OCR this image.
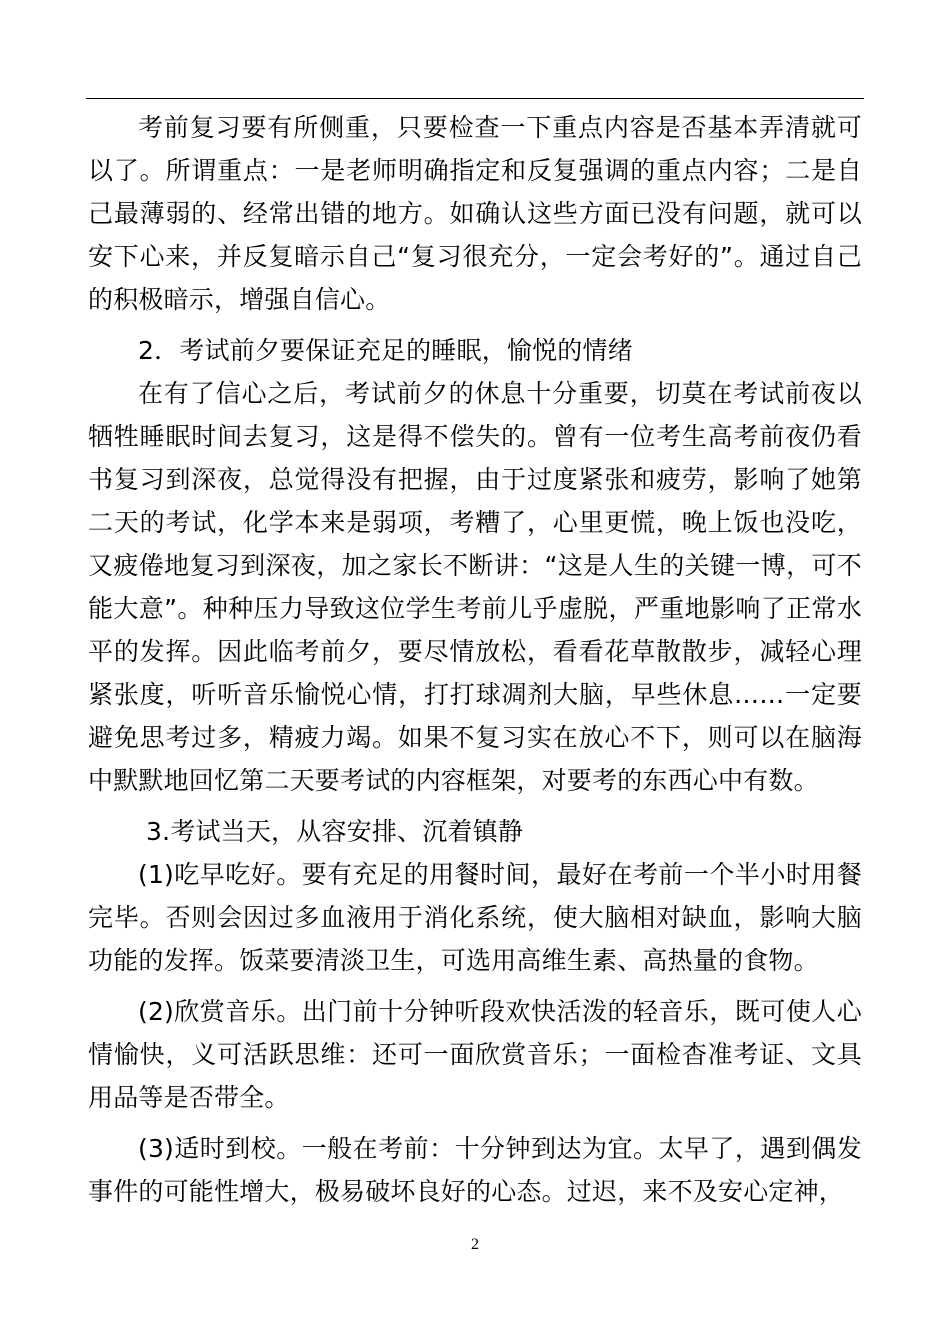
考前复习要有所侧重，只要检查一下重点内容是否基本弄清就可以了。所谓重点：一是老师明确指定和反复强调的重点内容；二是自己最薄弱的、经常出错的地方。如确认这些方面已没有问题，就可以安下心来，并反复暗示自己“复习很充分，一定会考好的”。通过自己的积极暗示，增强自信心。

2．考试前夕要保证充足的睡眠，愉悦的情绪

在有了信心之后，考试前夕的休息十分重要，切莫在考试前夜以牺牲睡眠时间去复习，这是得不偿失的。曾有一位考生高考前夜仍看书复习到深夜，总觉得没有把握，由于过度紧张和疲劳，影响了她第二天的考试，化学本来是弱项，考糟了，心里更慌，晚上饭也没吃，又疲倦地复习到深夜，加之家长不断讲：“这是人生的关键一博，可不能大意”。种种压力导致这位学生考前儿乎虚脱，严重地影响了正常水平的发挥。因此临考前夕，要尽情放松，看看花草散散步，减轻心理紧张度，听听音乐愉悦心情，打打球凋剂大脑，早些休息……一定要避免思考过多，精疲力竭。如果不复习实在放心不下，则可以在脑海中默默地回忆第二天要考试的内容框架，对要考的东西心中有数。

3.考试当天，从容安排、沉着镇静

(1)吃早吃好。要有充足的用餐时间，最好在考前一个半小时用餐完毕。否则会因过多血液用于消化系统，使大脑相对缺血，影响大脑功能的发挥。饭菜要清淡卫生，可选用高维生素、高热量的食物。

(2)欣赏音乐。出门前十分钟听段欢快活泼的轻音乐，既可使人心情愉快，义可活跃思维：还可一面欣赏音乐；一面检杳准考证、文具用品等是否带全。

(3)适时到校。一般在考前：十分钟到达为宜。太早了，遇到偶发事件的可能性增大，极易破坏良好的心态。过迟，来不及安心定神，

2
